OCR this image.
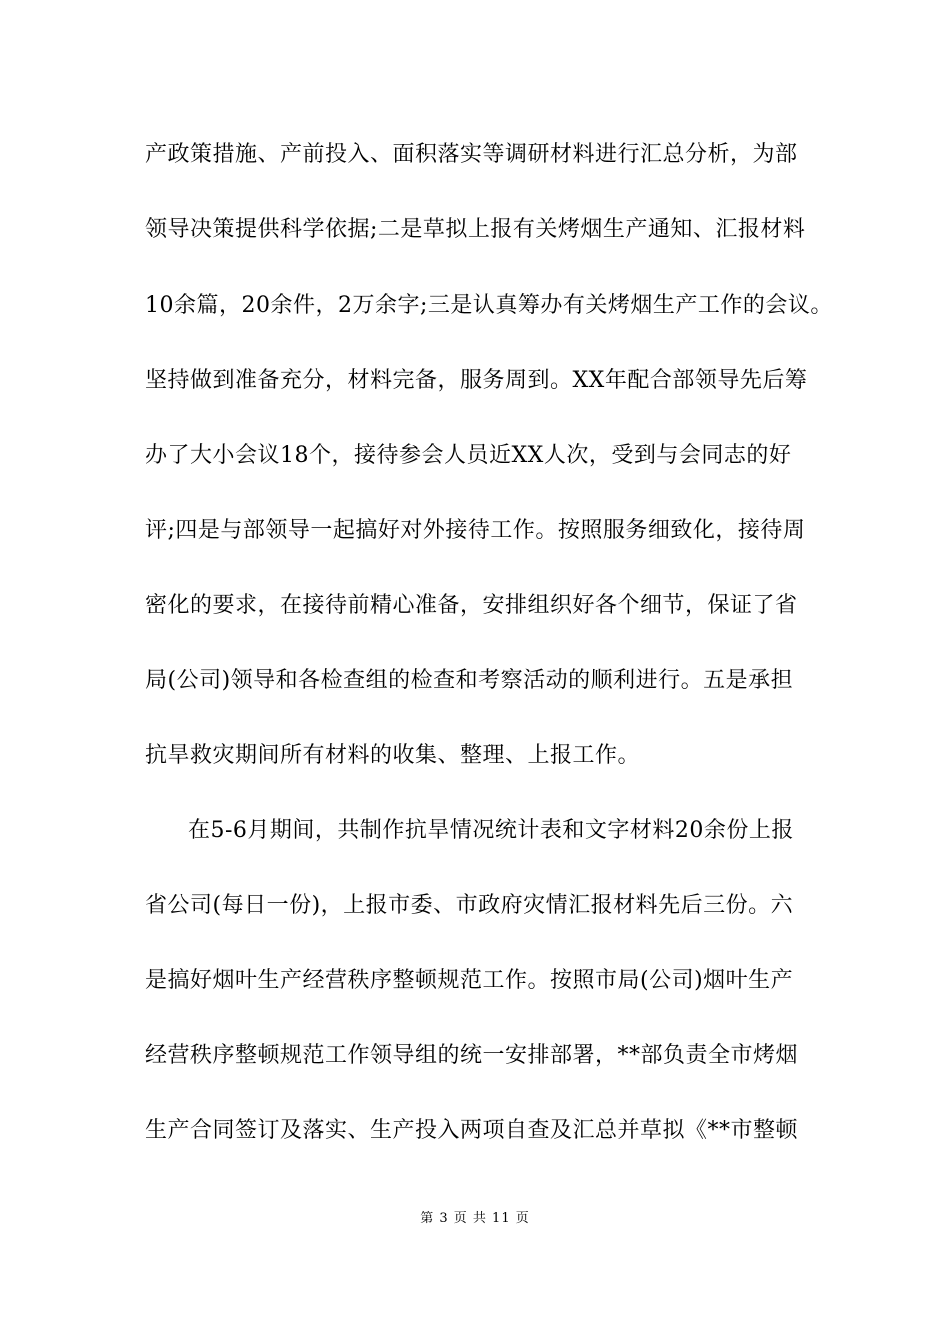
产政策措施、产前投入、面积落实等调研材料进行汇总分析，为部
领导决策提供科学依据;二是草拟上报有关烤烟生产通知、汇报材料
10余篇，20余件，2万余字;三是认真筹办有关烤烟生产工作的会议。
坚持做到准备充分，材料完备，服务周到。XX年配合部领导先后筹
办了大小会议18个，接待参会人员近XX人次，受到与会同志的好
评;四是与部领导一起搞好对外接待工作。按照服务细致化，接待周
密化的要求，在接待前精心准备，安排组织好各个细节，保证了省
局(公司)领导和各检查组的检查和考察活动的顺利进行。五是承担
抗旱救灾期间所有材料的收集、整理、上报工作。
在5-6月期间，共制作抗旱情况统计表和文字材料20余份上报
省公司(每日一份)，上报市委、市政府灾情汇报材料先后三份。六
是搞好烟叶生产经营秩序整顿规范工作。按照市局(公司)烟叶生产
经营秩序整顿规范工作领导组的统一安排部署，**部负责全市烤烟
生产合同签订及落实、生产投入两项自查及汇总并草拟《**市整顿
第 3 页 共 11 页
